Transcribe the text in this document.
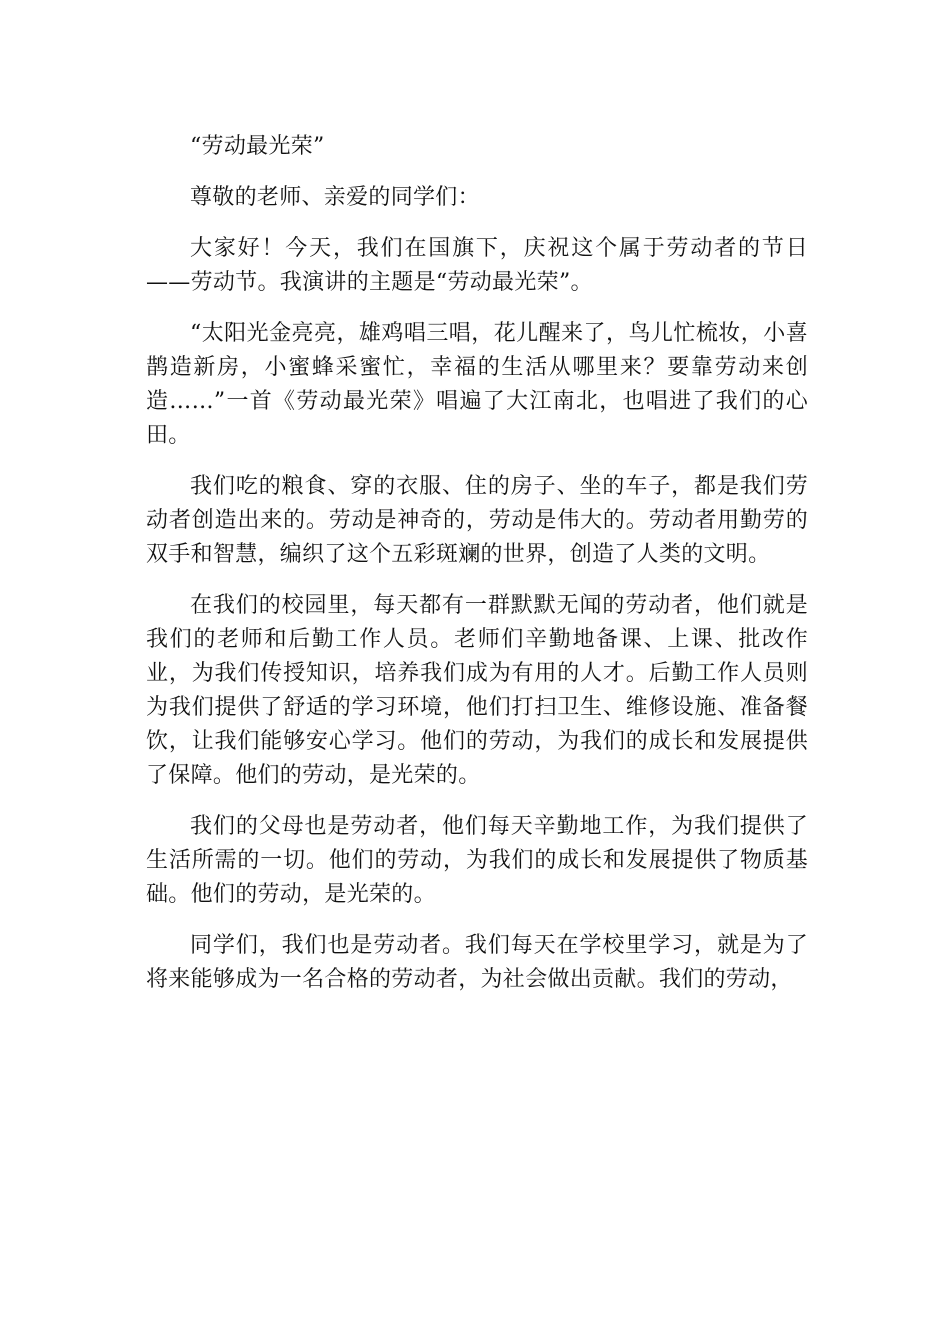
“劳动最光荣”

尊敬的老师、亲爱的同学们：

大家好！今天，我们在国旗下，庆祝这个属于劳动者的节日——劳动节。我演讲的主题是“劳动最光荣”。

“太阳光金亮亮，雄鸡唱三唱，花儿醒来了，鸟儿忙梳妆，小喜鹊造新房，小蜜蜂采蜜忙，幸福的生活从哪里来？要靠劳动来创造……”一首《劳动最光荣》唱遍了大江南北，也唱进了我们的心田。

我们吃的粮食、穿的衣服、住的房子、坐的车子，都是我们劳动者创造出来的。劳动是神奇的，劳动是伟大的。劳动者用勤劳的双手和智慧，编织了这个五彩斑斓的世界，创造了人类的文明。

在我们的校园里，每天都有一群默默无闻的劳动者，他们就是我们的老师和后勤工作人员。老师们辛勤地备课、上课、批改作业，为我们传授知识，培养我们成为有用的人才。后勤工作人员则为我们提供了舒适的学习环境，他们打扫卫生、维修设施、准备餐饮，让我们能够安心学习。他们的劳动，为我们的成长和发展提供了保障。他们的劳动，是光荣的。

我们的父母也是劳动者，他们每天辛勤地工作，为我们提供了生活所需的一切。他们的劳动，为我们的成长和发展提供了物质基础。他们的劳动，是光荣的。

同学们，我们也是劳动者。我们每天在学校里学习，就是为了将来能够成为一名合格的劳动者，为社会做出贡献。我们的劳动，
